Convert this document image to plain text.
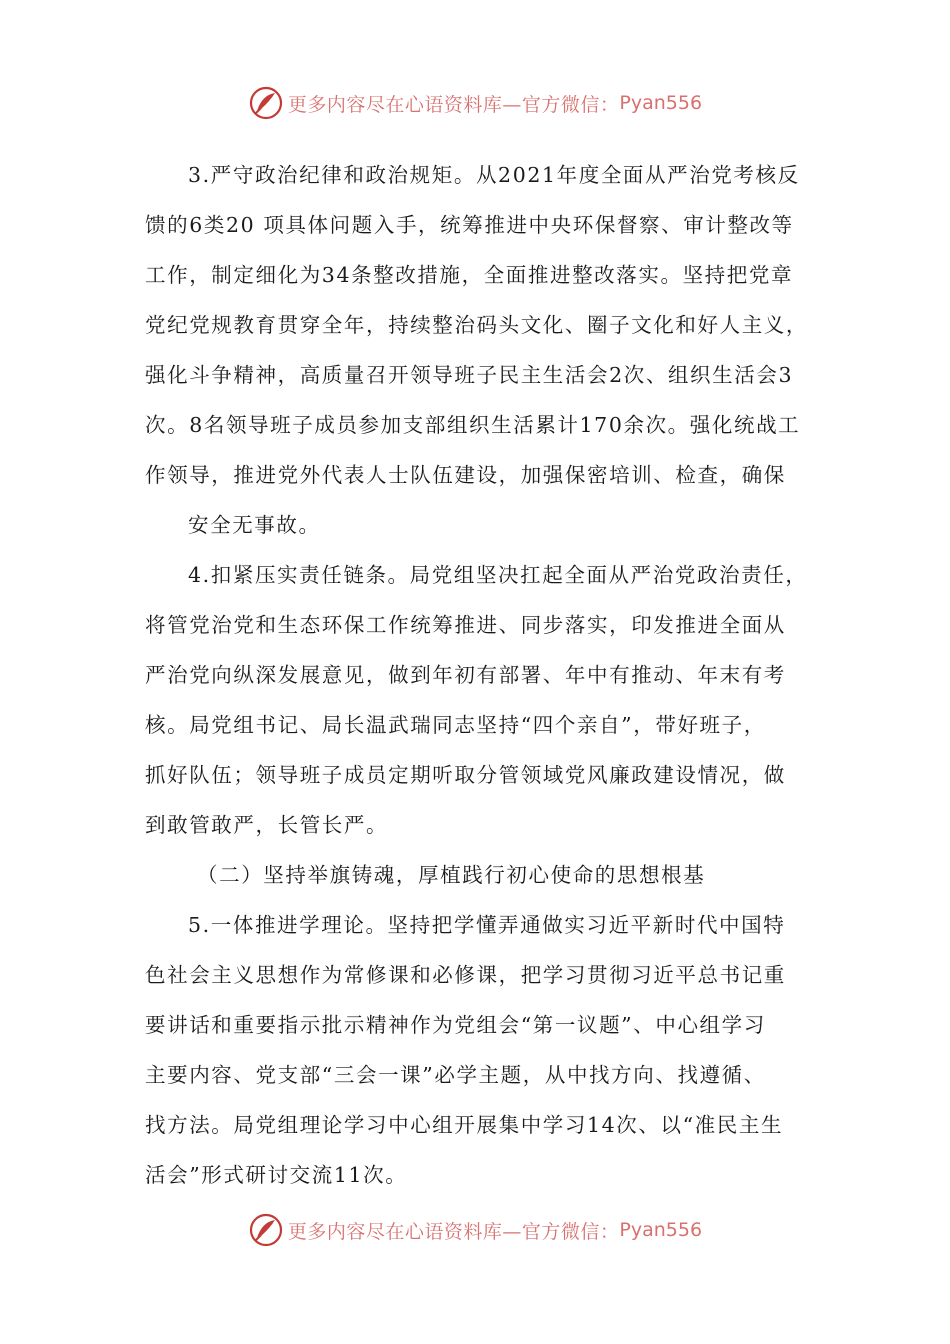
更多内容尽在心语资料库—官方微信： Pyan556
3.严守政治纪律和政治规矩。从2021年度全面从严治党考核反
馈的6类20 项具体问题入手，统筹推进中央环保督察、审计整改等
工作，制定细化为34条整改措施，全面推进整改落实。坚持把党章
党纪党规教育贯穿全年，持续整治码头文化、圈子文化和好人主义，
强化斗争精神，高质量召开领导班子民主生活会2次、组织生活会3
次。8名领导班子成员参加支部组织生活累计170余次。强化统战工
作领导，推进党外代表人士队伍建设，加强保密培训、检查，确保
安全无事故。
4.扣紧压实责任链条。局党组坚决扛起全面从严治党政治责任，
将管党治党和生态环保工作统筹推进、同步落实，印发推进全面从
严治党向纵深发展意见，做到年初有部署、年中有推动、年末有考
核。局党组书记、局长温武瑞同志坚持“四个亲自”，带好班子，
抓好队伍；领导班子成员定期听取分管领域党风廉政建设情况，做
到敢管敢严，长管长严。
（二）坚持举旗铸魂，厚植践行初心使命的思想根基
5.一体推进学理论。坚持把学懂弄通做实习近平新时代中国特
色社会主义思想作为常修课和必修课，把学习贯彻习近平总书记重
要讲话和重要指示批示精神作为党组会“第一议题”、中心组学习
主要内容、党支部“三会一课”必学主题，从中找方向、找遵循、
找方法。局党组理论学习中心组开展集中学习14次、以“准民主生
活会”形式研讨交流11次。
更多内容尽在心语资料库—官方微信： Pyan556
